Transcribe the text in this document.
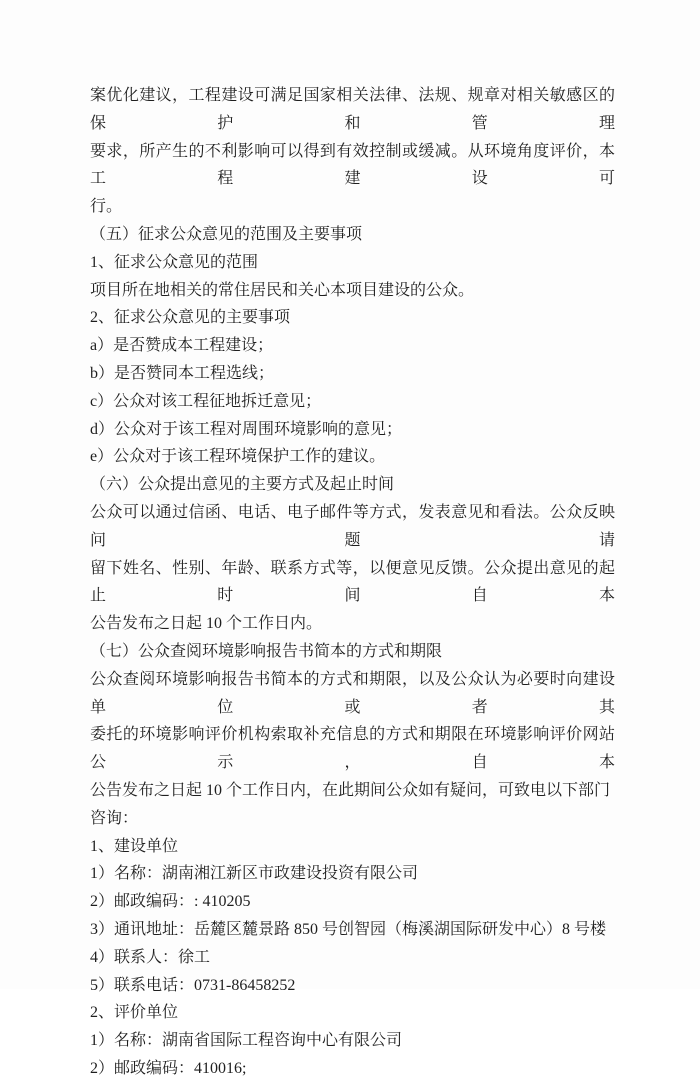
案优化建议，工程建设可满足国家相关法律、法规、规章对相关敏感区的保护和管理

要求，所产生的不利影响可以得到有效控制或缓减。从环境角度评价，本工程建设可

行。

（五）征求公众意见的范围及主要事项

1、征求公众意见的范围

项目所在地相关的常住居民和关心本项目建设的公众。

2、征求公众意见的主要事项

a）是否赞成本工程建设；

b）是否赞同本工程选线；

c）公众对该工程征地拆迁意见；

d）公众对于该工程对周围环境影响的意见；

e）公众对于该工程环境保护工作的建议。

（六）公众提出意见的主要方式及起止时间

公众可以通过信函、电话、电子邮件等方式，发表意见和看法。公众反映问题请

留下姓名、性别、年龄、联系方式等，以便意见反馈。公众提出意见的起止时间自本

公告发布之日起 10 个工作日内。

（七）公众查阅环境影响报告书简本的方式和期限

公众查阅环境影响报告书简本的方式和期限，以及公众认为必要时向建设单位或者其

委托的环境影响评价机构索取补充信息的方式和期限在环境影响评价网站公示，自本

公告发布之日起 10 个工作日内，在此期间公众如有疑问，可致电以下部门咨询：

1、建设单位

1）名称：湖南湘江新区市政建设投资有限公司

2）邮政编码：: 410205

3）通讯地址：岳麓区麓景路 850 号创智园（梅溪湖国际研发中心）8 号楼

4）联系人：徐工

5）联系电话：0731-86458252

2、评价单位

1）名称：湖南省国际工程咨询中心有限公司

2）邮政编码：410016;
